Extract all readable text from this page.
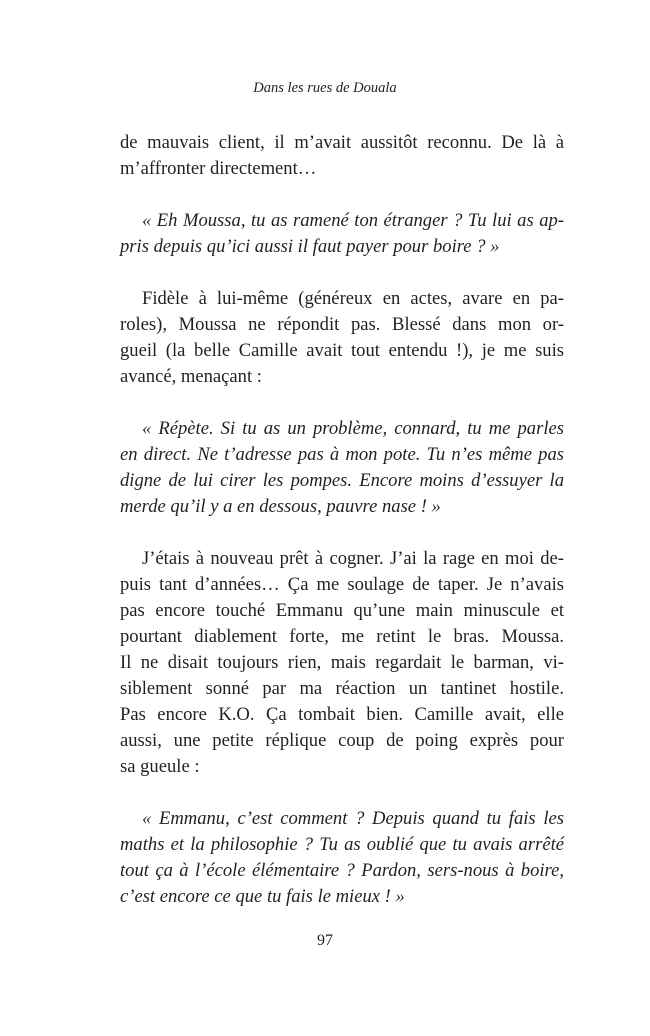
Dans les rues de Douala

de mauvais client, il m’avait aussitôt reconnu. De là à
m’affronter directement…

« Eh Moussa, tu as ramené ton étranger ? Tu lui as ap-
pris depuis qu’ici aussi il faut payer pour boire ? »

Fidèle à lui-même (généreux en actes, avare en pa-
roles), Moussa ne répondit pas. Blessé dans mon or-
gueil (la belle Camille avait tout entendu !), je me suis
avancé, menaçant :

« Répète. Si tu as un problème, connard, tu me parles
en direct. Ne t’adresse pas à mon pote. Tu n’es même pas
digne de lui cirer les pompes. Encore moins d’essuyer la
merde qu’il y a en dessous, pauvre nase ! »

J’étais à nouveau prêt à cogner. J’ai la rage en moi de-
puis tant d’années… Ça me soulage de taper. Je n’avais
pas encore touché Emmanu qu’une main minuscule et
pourtant diablement forte, me retint le bras. Moussa.
Il ne disait toujours rien, mais regardait le barman, vi-
siblement sonné par ma réaction un tantinet hostile.
Pas encore K.O. Ça tombait bien. Camille avait, elle
aussi, une petite réplique coup de poing exprès pour
sa gueule :

« Emmanu, c’est comment ? Depuis quand tu fais les
maths et la philosophie ? Tu as oublié que tu avais arrêté
tout ça à l’école élémentaire ? Pardon, sers-nous à boire,
c’est encore ce que tu fais le mieux ! »

97
